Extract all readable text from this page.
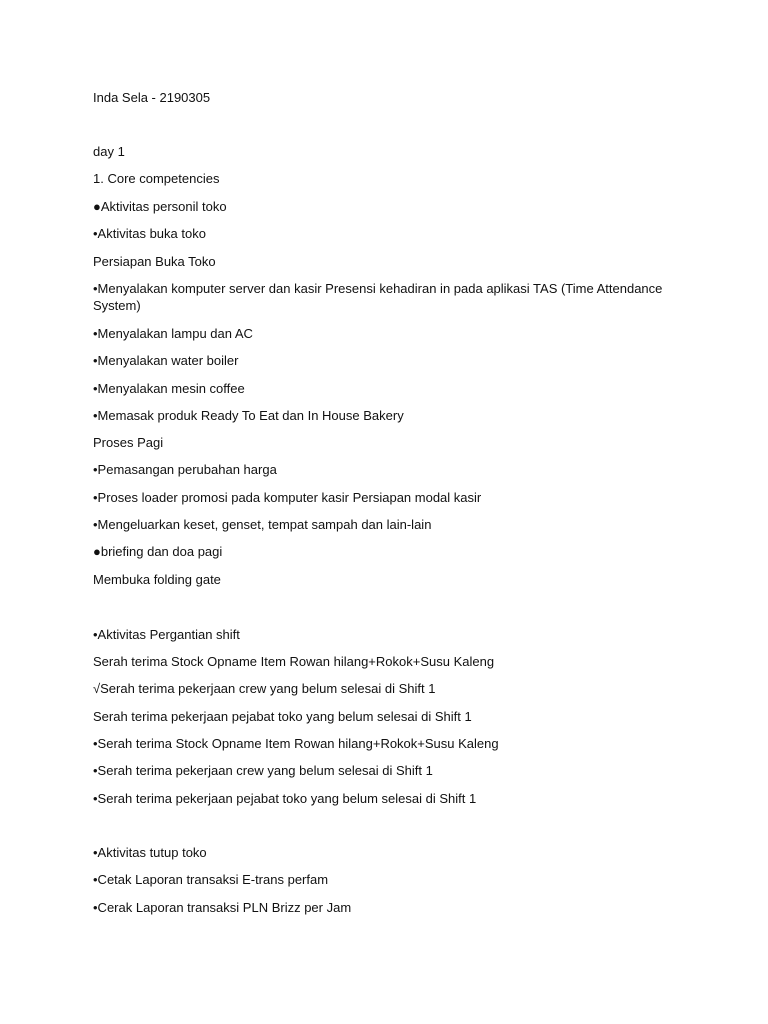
Inda Sela - 2190305
day 1
1. Core competencies
●Aktivitas personil toko
•Aktivitas buka toko
Persiapan Buka Toko
•Menyalakan komputer server dan kasir Presensi kehadiran in pada aplikasi TAS (Time Attendance System)
•Menyalakan lampu dan AC
•Menyalakan water boiler
•Menyalakan mesin coffee
•Memasak produk Ready To Eat dan In House Bakery
Proses Pagi
•Pemasangan perubahan harga
•Proses loader promosi pada komputer kasir Persiapan modal kasir
•Mengeluarkan keset, genset, tempat sampah dan lain-lain
●briefing dan doa pagi
Membuka folding gate
•Aktivitas Pergantian shift
Serah terima Stock Opname Item Rowan hilang+Rokok+Susu Kaleng
√Serah terima pekerjaan crew yang belum selesai di Shift 1
Serah terima pekerjaan pejabat toko yang belum selesai di Shift 1
•Serah terima Stock Opname Item Rowan hilang+Rokok+Susu Kaleng
•Serah terima pekerjaan crew yang belum selesai di Shift 1
•Serah terima pekerjaan pejabat toko yang belum selesai di Shift 1
•Aktivitas tutup toko
•Cetak Laporan transaksi E-trans perfam
•Cerak Laporan transaksi PLN Brizz per Jam
